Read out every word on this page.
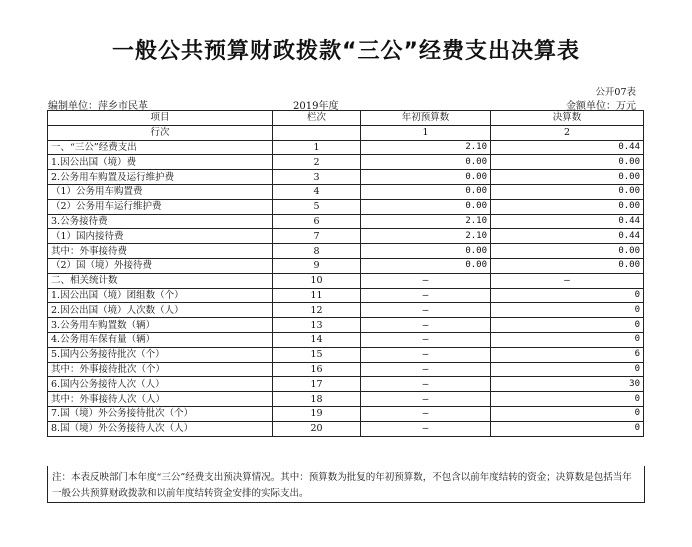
一般公共预算财政拨款“三公”经费支出决算表
公开07表
编制单位：萍乡市民革	2019年度	金额单位：万元
项目	栏次	年初预算数	决算数
行次		1	2
一、“三公”经费支出	1	2.10	0.44
1.因公出国（境）费	2	0.00	0.00
2.公务用车购置及运行维护费	3	0.00	0.00
（1）公务用车购置费	4	0.00	0.00
（2）公务用车运行维护费	5	0.00	0.00
3.公务接待费	6	2.10	0.44
（1）国内接待费	7	2.10	0.44
其中：外事接待费	8	0.00	0.00
（2）国（境）外接待费	9	0.00	0.00
二、相关统计数	10	–	–
1.因公出国（境）团组数（个）	11	–	0
2.因公出国（境）人次数（人）	12	–	0
3.公务用车购置数（辆）	13	–	0
4.公务用车保有量（辆）	14	–	0
5.国内公务接待批次（个）	15	–	6
其中：外事接待批次（个）	16	–	0
6.国内公务接待人次（人）	17	–	30
其中：外事接待人次（人）	18	–	0
7.国（境）外公务接待批次（个）	19	–	0
8.国（境）外公务接待人次（人）	20	–	0
注：本表反映部门本年度“三公”经费支出预决算情况。其中：预算数为批复的年初预算数，不包含以前年度结转的资金；决算数是包括当年一般公共预算财政拨款和以前年度结转资金安排的实际支出。
